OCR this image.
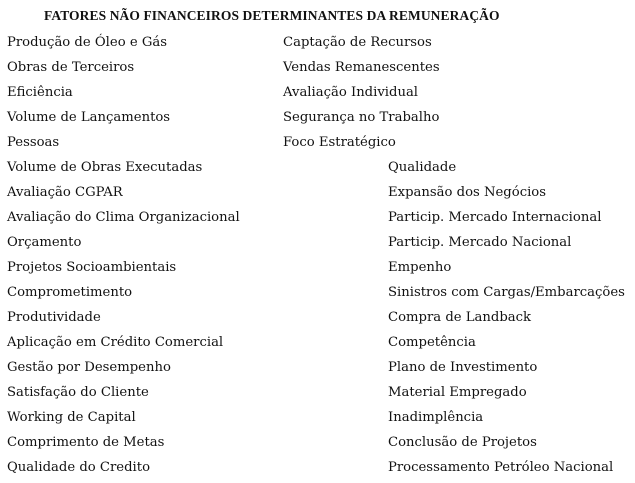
FATORES NÃO FINANCEIROS DETERMINANTES DA REMUNERAÇÃO
Produção de Óleo e Gás
Obras de Terceiros
Eficiência
Volume de Lançamentos
Pessoas
Volume de Obras Executadas
Avaliação CGPAR
Avaliação do Clima Organizacional
Orçamento
Projetos Socioambientais
Comprometimento
Produtividade
Aplicação em Crédito Comercial
Gestão por Desempenho
Satisfação do Cliente
Working de Capital
Comprimento de Metas
Qualidade do Credito
Captação de Recursos
Vendas Remanescentes
Avaliação Individual
Segurança no Trabalho
Foco Estratégico
Qualidade
Expansão dos Negócios
Particip. Mercado Internacional
Particip. Mercado Nacional
Empenho
Sinistros com Cargas/Embarcações
Compra de Landback
Competência
Plano de Investimento
Material Empregado
Inadimplência
Conclusão de Projetos
Processamento Petróleo Nacional
